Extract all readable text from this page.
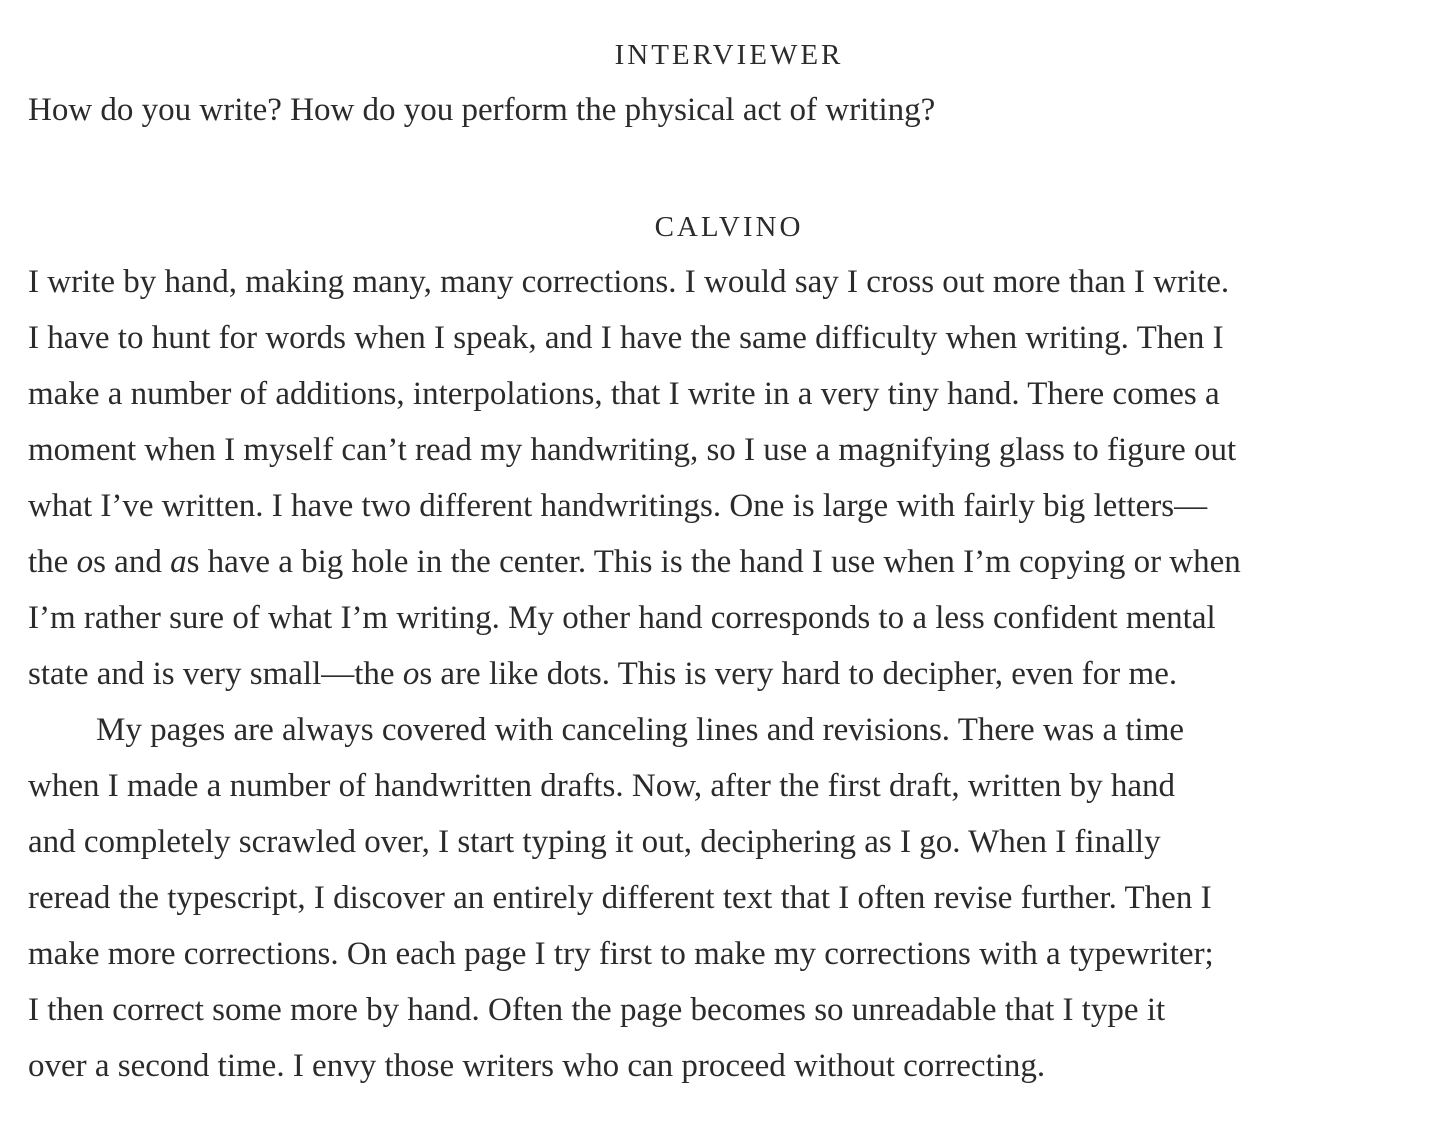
INTERVIEWER

How do you write? How do you perform the physical act of writing?

CALVINO

I write by hand, making many, many corrections. I would say I cross out more than I write.
I have to hunt for words when I speak, and I have the same difficulty when writing. Then I
make a number of additions, interpolations, that I write in a very tiny hand. There comes a
moment when I myself can’t read my handwriting, so I use a magnifying glass to figure out
what I’ve written. I have two different handwritings. One is large with fairly big letters—
the os and as have a big hole in the center. This is the hand I use when I’m copying or when
I’m rather sure of what I’m writing. My other hand corresponds to a less confident mental
state and is very small—the os are like dots. This is very hard to decipher, even for me.
My pages are always covered with canceling lines and revisions. There was a time
when I made a number of handwritten drafts. Now, after the first draft, written by hand
and completely scrawled over, I start typing it out, deciphering as I go. When I finally
reread the typescript, I discover an entirely different text that I often revise further. Then I
make more corrections. On each page I try first to make my corrections with a typewriter;
I then correct some more by hand. Often the page becomes so unreadable that I type it
over a second time. I envy those writers who can proceed without correcting.
